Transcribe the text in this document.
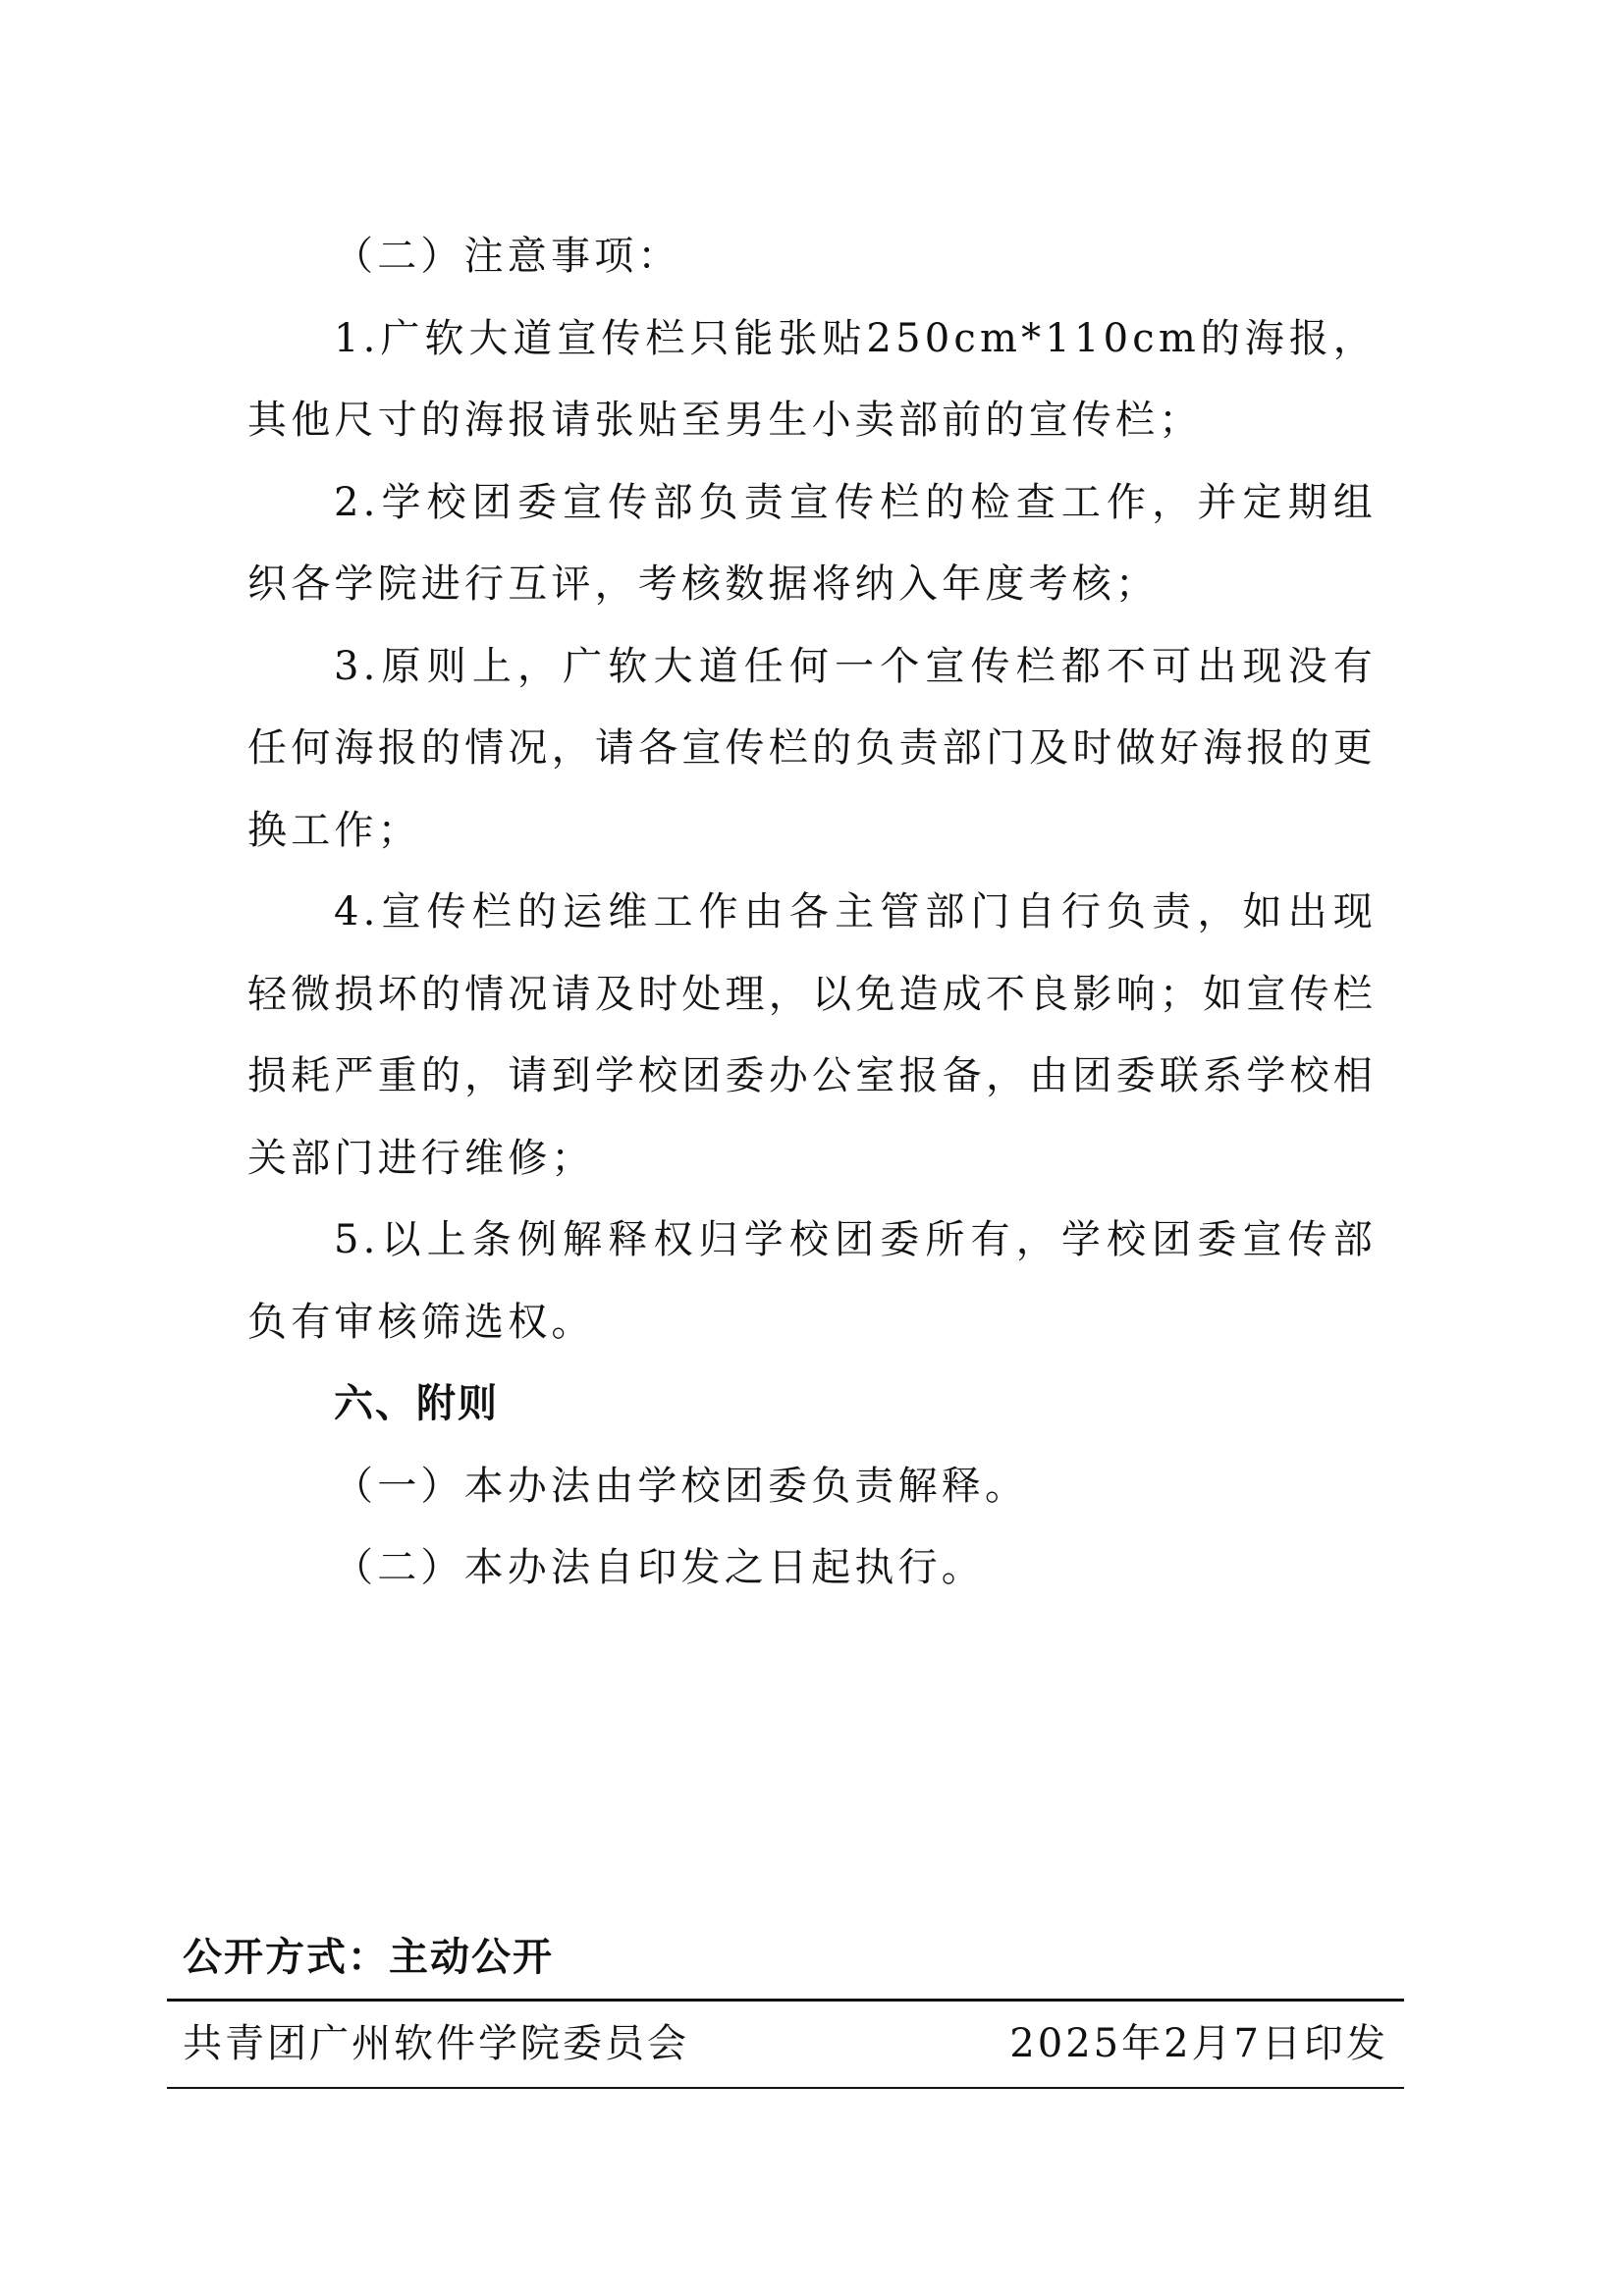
（二）注意事项：

1.广软大道宣传栏只能张贴250cm*110cm的海报，其他尺寸的海报请张贴至男生小卖部前的宣传栏；

2.学校团委宣传部负责宣传栏的检查工作，并定期组织各学院进行互评，考核数据将纳入年度考核；

3.原则上，广软大道任何一个宣传栏都不可出现没有任何海报的情况，请各宣传栏的负责部门及时做好海报的更换工作；

4.宣传栏的运维工作由各主管部门自行负责，如出现轻微损坏的情况请及时处理，以免造成不良影响；如宣传栏损耗严重的，请到学校团委办公室报备，由团委联系学校相关部门进行维修；

5.以上条例解释权归学校团委所有，学校团委宣传部负有审核筛选权。

六、附则

（一）本办法由学校团委负责解释。

（二）本办法自印发之日起执行。

公开方式：主动公开
共青团广州软件学院委员会	2025年2月7日印发
